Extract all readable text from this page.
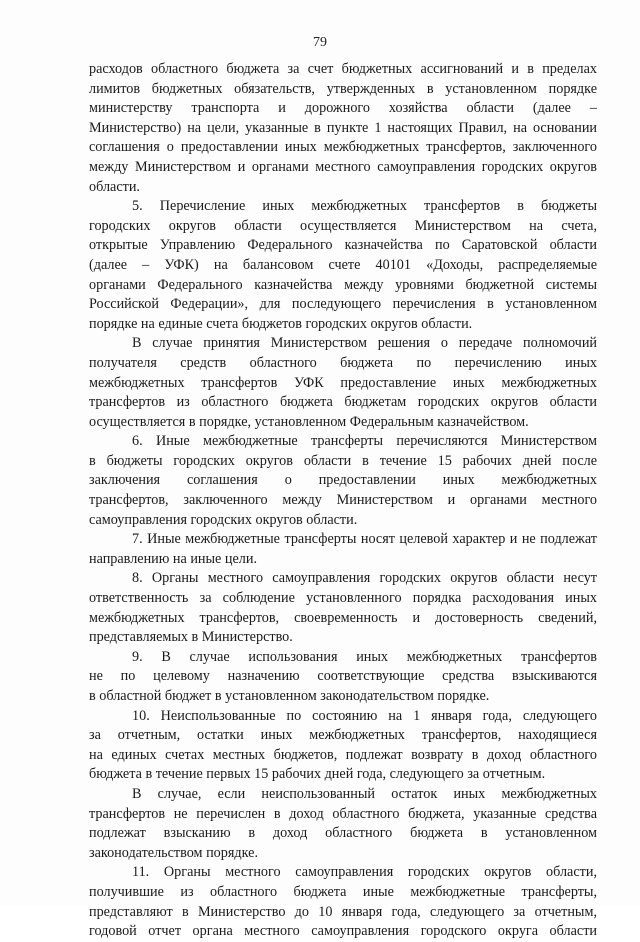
79
расходов областного бюджета за счет бюджетных ассигнований и в пределах
лимитов бюджетных обязательств, утвержденных в установленном порядке
министерству транспорта и дорожного хозяйства области (далее –
Министерство) на цели, указанные в пункте 1 настоящих Правил, на основании
соглашения о предоставлении иных межбюджетных трансфертов, заключенного
между Министерством и органами местного самоуправления городских округов
области.
5. Перечисление иных межбюджетных трансфертов в бюджеты
городских округов области осуществляется Министерством на счета,
открытые Управлению Федерального казначейства по Саратовской области
(далее – УФК) на балансовом счете 40101 «Доходы, распределяемые
органами Федерального казначейства между уровнями бюджетной системы
Российской Федерации», для последующего перечисления в установленном
порядке на единые счета бюджетов городских округов области.
В случае принятия Министерством решения о передаче полномочий
получателя средств областного бюджета по перечислению иных
межбюджетных трансфертов УФК предоставление иных межбюджетных
трансфертов из областного бюджета бюджетам городских округов области
осуществляется в порядке, установленном Федеральным казначейством.
6. Иные межбюджетные трансферты перечисляются Министерством
в бюджеты городских округов области в течение 15 рабочих дней после
заключения соглашения о предоставлении иных межбюджетных
трансфертов, заключенного между Министерством и органами местного
самоуправления городских округов области.
7. Иные межбюджетные трансферты носят целевой характер и не подлежат
направлению на иные цели.
8. Органы местного самоуправления городских округов области несут
ответственность за соблюдение установленного порядка расходования иных
межбюджетных трансфертов, своевременность и достоверность сведений,
представляемых в Министерство.
9. В случае использования иных межбюджетных трансфертов
не по целевому назначению соответствующие средства взыскиваются
в областной бюджет в установленном законодательством порядке.
10. Неиспользованные по состоянию на 1 января года, следующего
за отчетным, остатки иных межбюджетных трансфертов, находящиеся
на единых счетах местных бюджетов, подлежат возврату в доход областного
бюджета в течение первых 15 рабочих дней года, следующего за отчетным.
В случае, если неиспользованный остаток иных межбюджетных
трансфертов не перечислен в доход областного бюджета, указанные средства
подлежат взысканию в доход областного бюджета в установленном
законодательством порядке.
11. Органы местного самоуправления городских округов области,
получившие из областного бюджета иные межбюджетные трансферты,
представляют в Министерство до 10 января года, следующего за отчетным,
годовой отчет органа местного самоуправления городского округа области
